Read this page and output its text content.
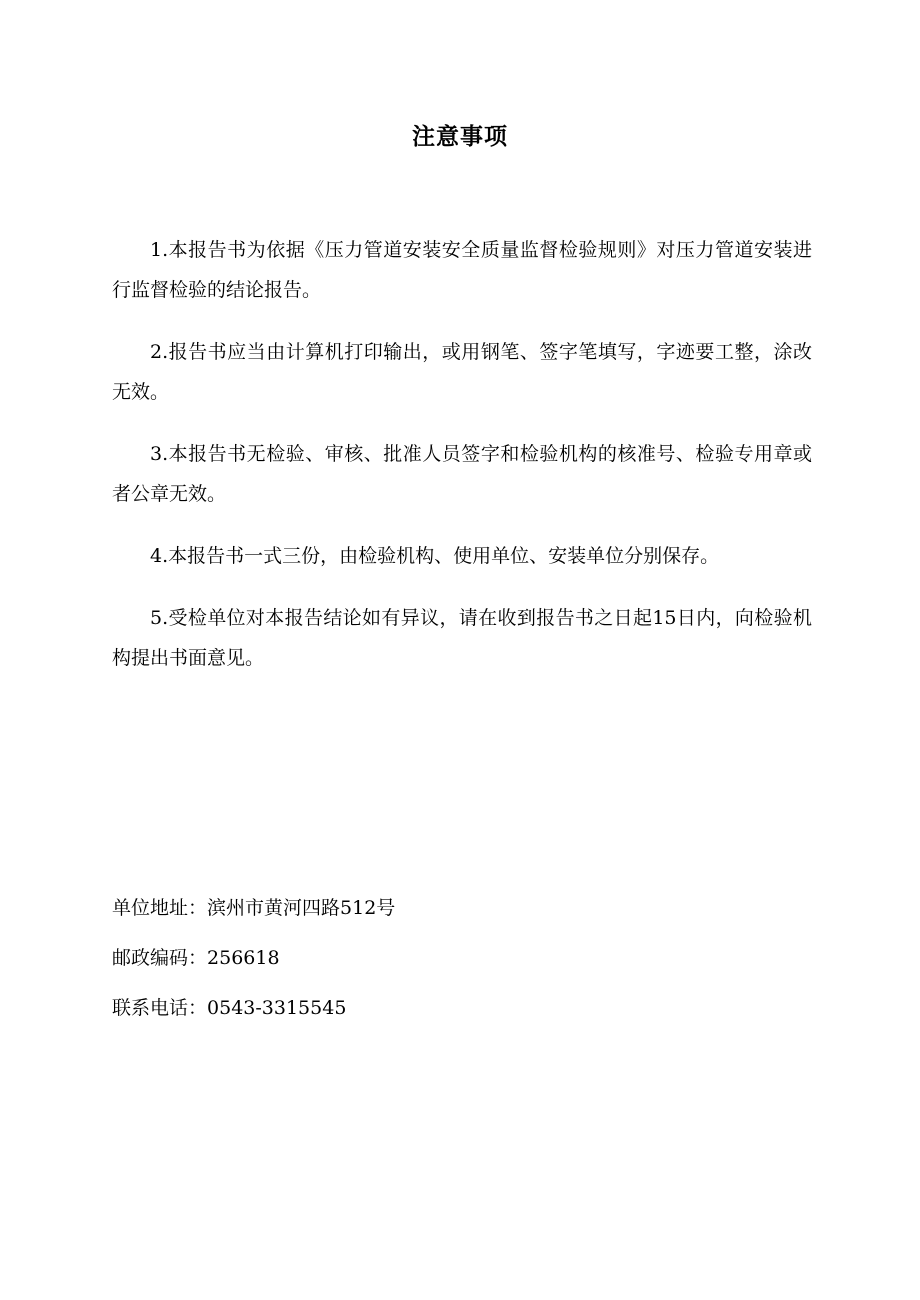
注意事项

1.本报告书为依据《压力管道安装安全质量监督检验规则》对压力管道安装进行监督检验的结论报告。

2.报告书应当由计算机打印输出，或用钢笔、签字笔填写，字迹要工整，涂改无效。

3.本报告书无检验、审核、批准人员签字和检验机构的核准号、检验专用章或者公章无效。

4.本报告书一式三份，由检验机构、使用单位、安装单位分别保存。

5.受检单位对本报告结论如有异议，请在收到报告书之日起15日内，向检验机构提出书面意见。

单位地址：滨州市黄河四路512号
邮政编码：256618
联系电话：0543-3315545
